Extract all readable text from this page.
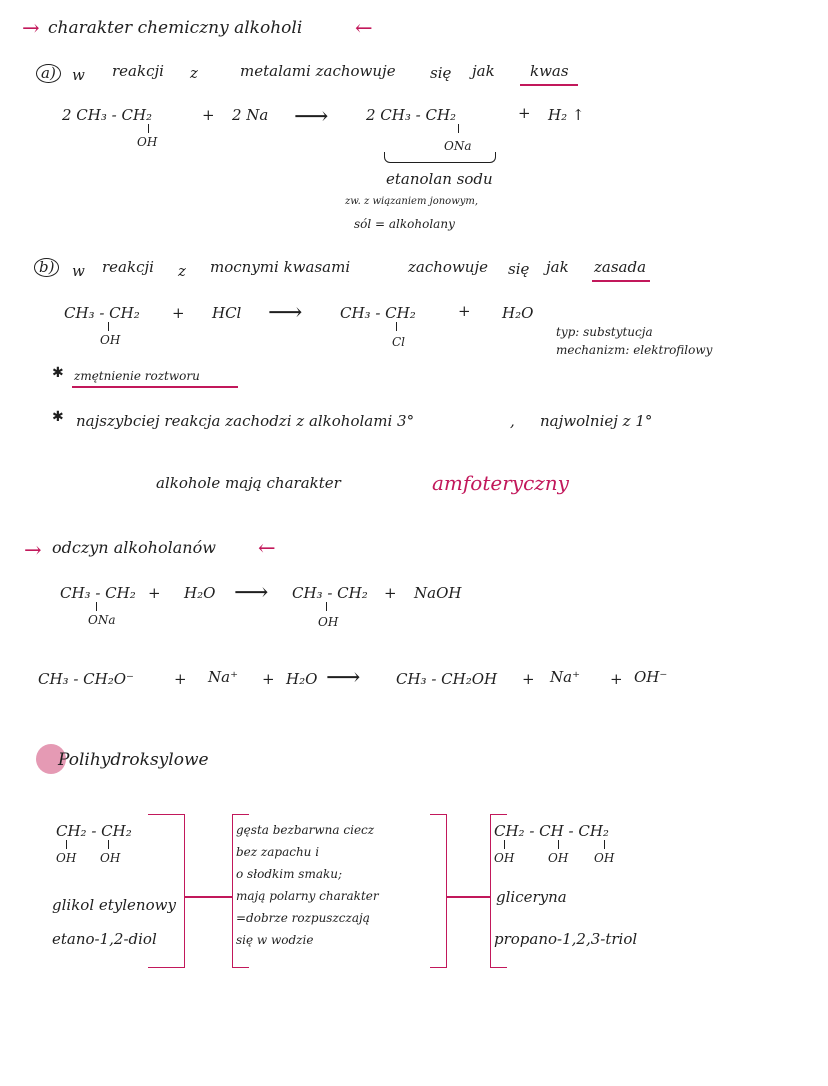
→ charakter chemiczny alkoholi	←
a)	w reakcji z	metalami zachowuje się jak kwas
2 CH₃ - CH₂
OH
+ 2 Na ⟶	2 CH₃ - CH₂
ONa
+ H₂ ↑
etanolan sodu
zw. z wiązaniem jonowym,
sól = alkoholany
b)	w reakcji z mocnymi kwasami	zachowuje się jak zasada
CH₃ - CH₂
OH
+ HCl ⟶	CH₃ - CH₂
Cl
+ H₂O
typ: substytucja
mechanizm: elektrofilowy
✱ zmętnienie roztworu
✱ najszybciej reakcja zachodzi z alkoholami 3°	, najwolniej z 1°
alkohole mają charakter	amfoteryczny
→ odczyn alkoholanów ←
CH₃ - CH₂
ONa
+ H₂O ⟶ CH₃ - CH₂
OH
+ NaOH
CH₃ - CH₂O⁻	+ Na⁺ + H₂O ⟶ CH₃ - CH₂OH + Na⁺ + OH⁻
Polihydroksylowe
CH₂ - CH₂
OH OH
glikol etylenowy
etano-1,2-diol
gęsta bezbarwna ciecz
bez zapachu i
o słodkim smaku;
mają polarny charakter
=dobrze rozpuszczają
się w wodzie
CH₂ - CH - CH₂
OH	OH OH
gliceryna
propano-1,2,3-triol
